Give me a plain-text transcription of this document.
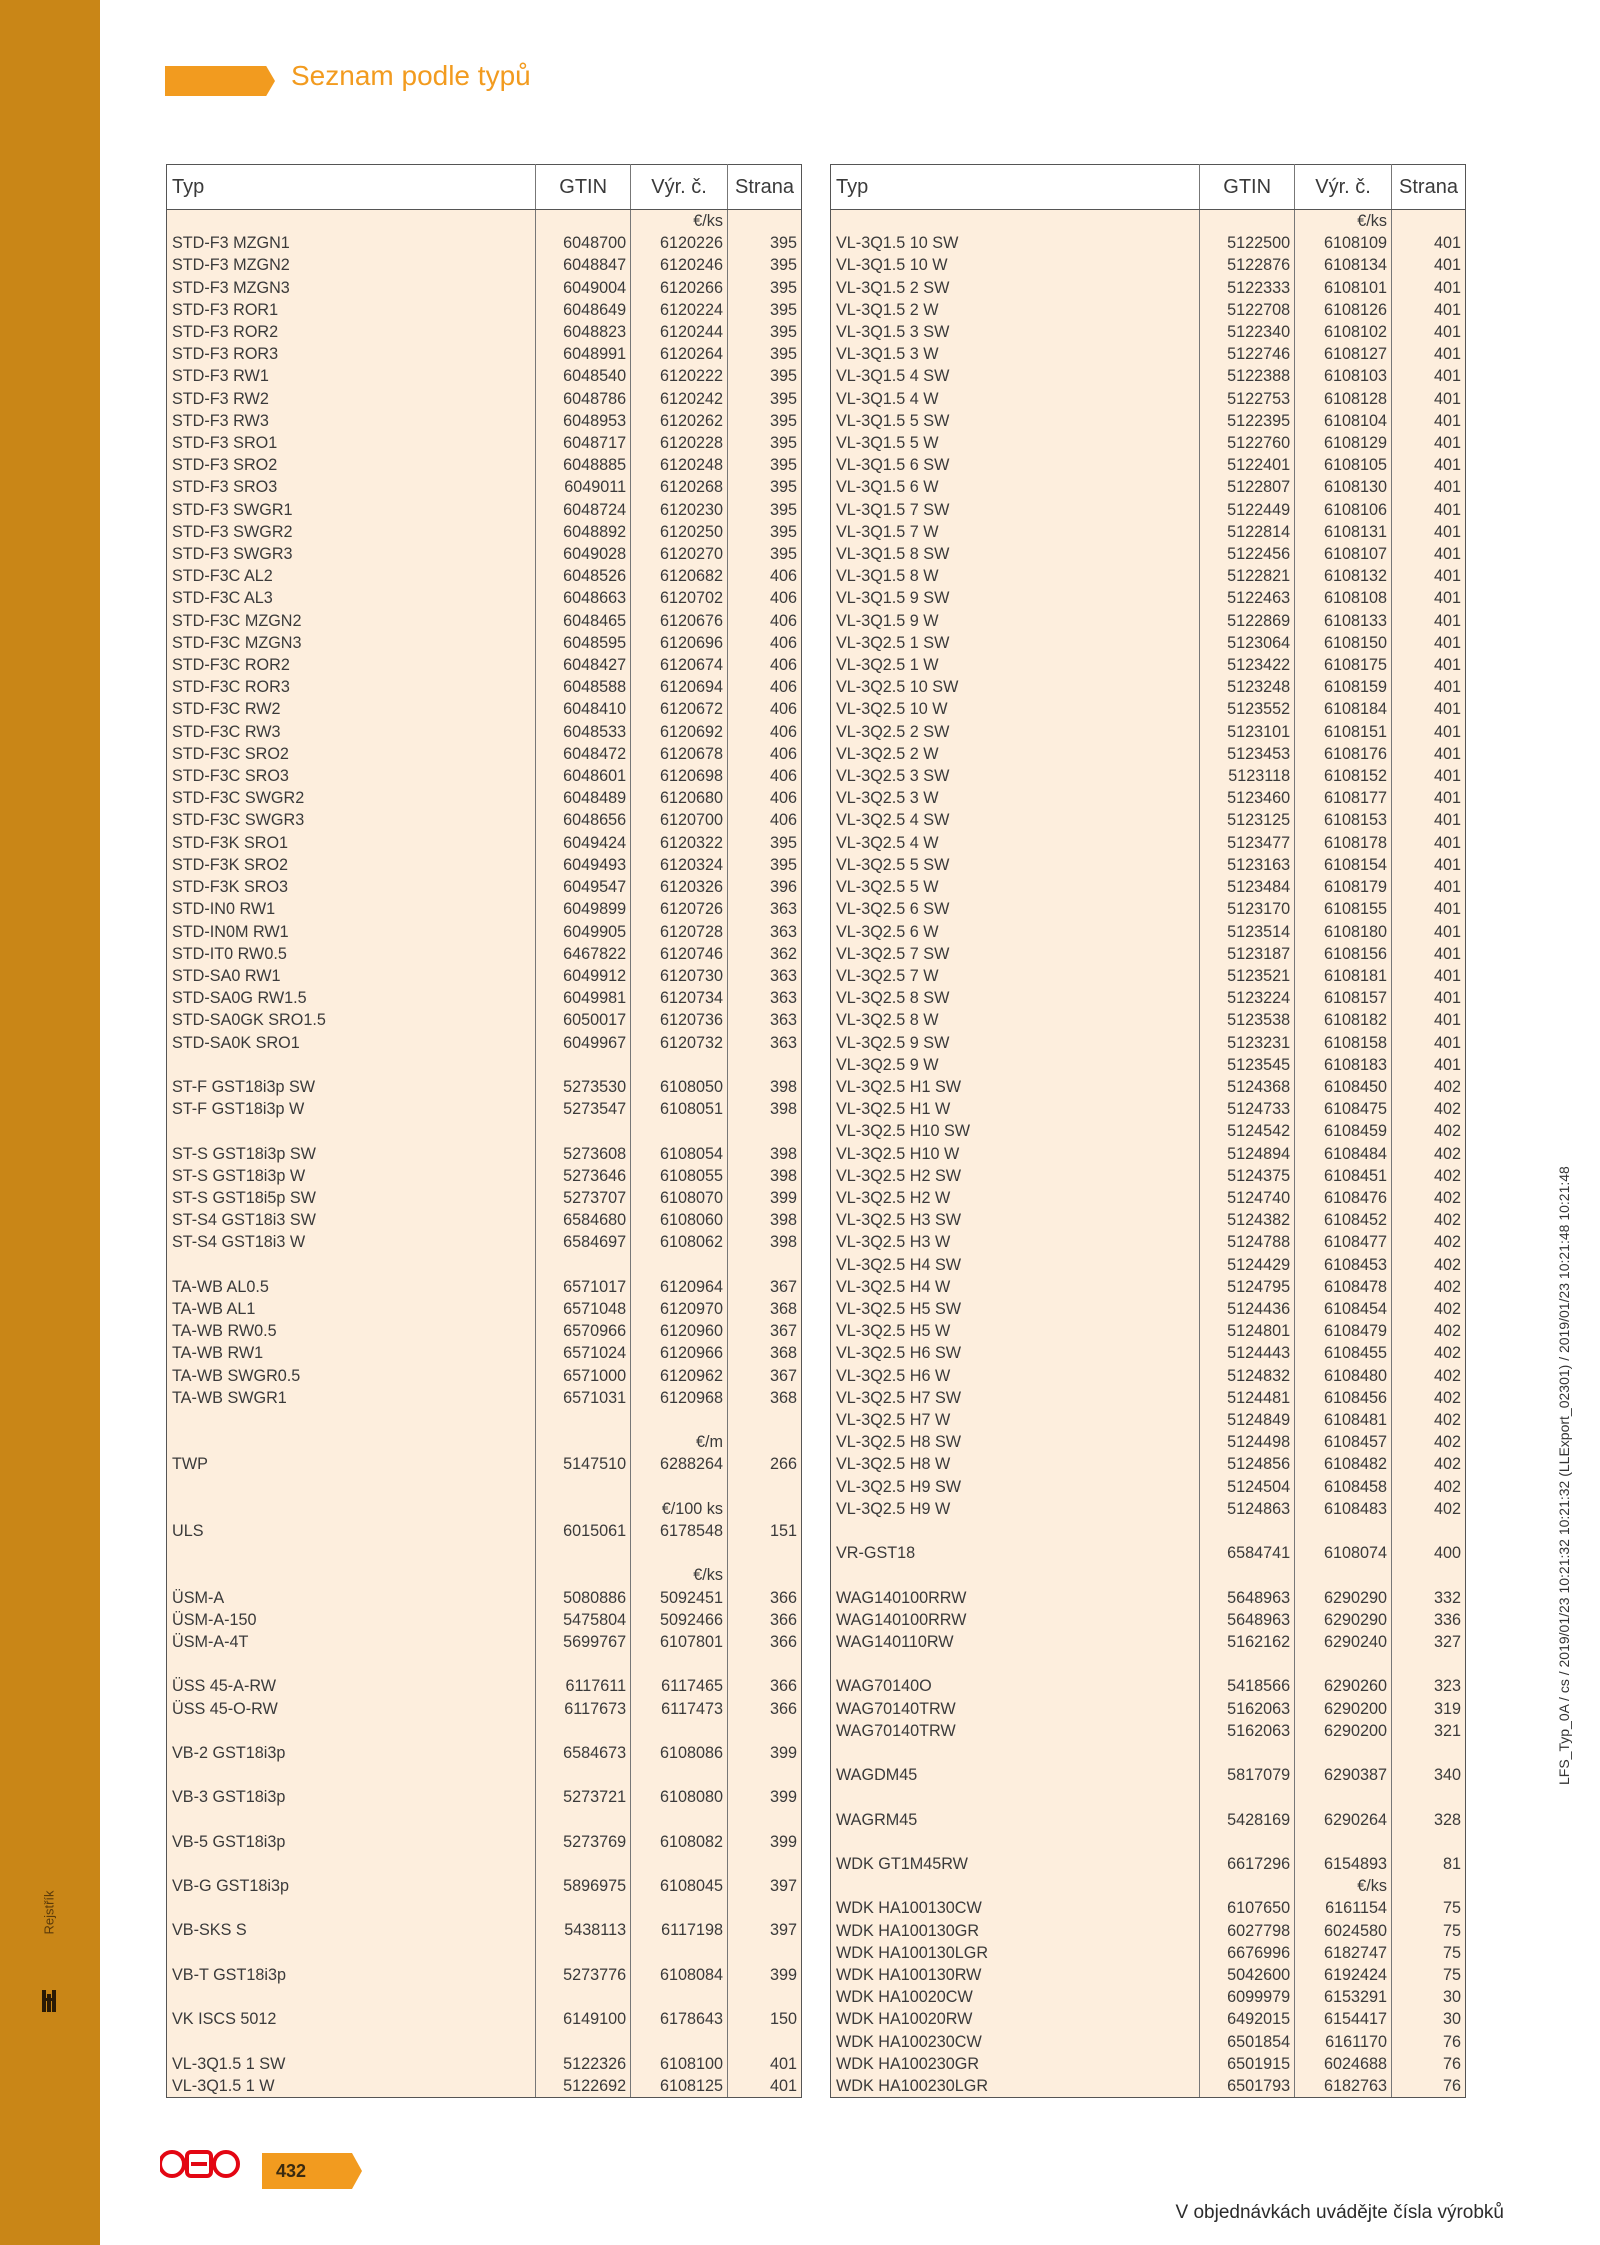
Rejstřík
Seznam podle typů
Typ	GTIN	Výr. č.	Strana
		€/ks	
STD-F3 MZGN1	6048700	6120226	395
STD-F3 MZGN2	6048847	6120246	395
STD-F3 MZGN3	6049004	6120266	395
STD-F3 ROR1	6048649	6120224	395
STD-F3 ROR2	6048823	6120244	395
STD-F3 ROR3	6048991	6120264	395
STD-F3 RW1	6048540	6120222	395
STD-F3 RW2	6048786	6120242	395
STD-F3 RW3	6048953	6120262	395
STD-F3 SRO1	6048717	6120228	395
STD-F3 SRO2	6048885	6120248	395
STD-F3 SRO3	6049011	6120268	395
STD-F3 SWGR1	6048724	6120230	395
STD-F3 SWGR2	6048892	6120250	395
STD-F3 SWGR3	6049028	6120270	395
STD-F3C AL2	6048526	6120682	406
STD-F3C AL3	6048663	6120702	406
STD-F3C MZGN2	6048465	6120676	406
STD-F3C MZGN3	6048595	6120696	406
STD-F3C ROR2	6048427	6120674	406
STD-F3C ROR3	6048588	6120694	406
STD-F3C RW2	6048410	6120672	406
STD-F3C RW3	6048533	6120692	406
STD-F3C SRO2	6048472	6120678	406
STD-F3C SRO3	6048601	6120698	406
STD-F3C SWGR2	6048489	6120680	406
STD-F3C SWGR3	6048656	6120700	406
STD-F3K SRO1	6049424	6120322	395
STD-F3K SRO2	6049493	6120324	395
STD-F3K SRO3	6049547	6120326	396
STD-IN0 RW1	6049899	6120726	363
STD-IN0M RW1	6049905	6120728	363
STD-IT0 RW0.5	6467822	6120746	362
STD-SA0 RW1	6049912	6120730	363
STD-SA0G RW1.5	6049981	6120734	363
STD-SA0GK SRO1.5	6050017	6120736	363
STD-SA0K SRO1	6049967	6120732	363

ST-F GST18i3p SW	5273530	6108050	398
ST-F GST18i3p W	5273547	6108051	398

ST-S GST18i3p SW	5273608	6108054	398
ST-S GST18i3p W	5273646	6108055	398
ST-S GST18i5p SW	5273707	6108070	399
ST-S4 GST18i3 SW	6584680	6108060	398
ST-S4 GST18i3 W	6584697	6108062	398

TA-WB AL0.5	6571017	6120964	367
TA-WB AL1	6571048	6120970	368
TA-WB RW0.5	6570966	6120960	367
TA-WB RW1	6571024	6120966	368
TA-WB SWGR0.5	6571000	6120962	367
TA-WB SWGR1	6571031	6120968	368

		€/m	
TWP	5147510	6288264	266

		€/100 ks	
ULS	6015061	6178548	151

		€/ks	
ÜSM-A	5080886	5092451	366
ÜSM-A-150	5475804	5092466	366
ÜSM-A-4T	5699767	6107801	366

ÜSS 45-A-RW	6117611	6117465	366
ÜSS 45-O-RW	6117673	6117473	366

VB-2 GST18i3p	6584673	6108086	399

VB-3 GST18i3p	5273721	6108080	399

VB-5 GST18i3p	5273769	6108082	399

VB-G GST18i3p	5896975	6108045	397

VB-SKS S	5438113	6117198	397

VB-T GST18i3p	5273776	6108084	399

VK ISCS 5012	6149100	6178643	150

VL-3Q1.5 1 SW	5122326	6108100	401
VL-3Q1.5 1 W	5122692	6108125	401
Typ	GTIN	Výr. č.	Strana
		€/ks	
VL-3Q1.5 10 SW	5122500	6108109	401
VL-3Q1.5 10 W	5122876	6108134	401
VL-3Q1.5 2 SW	5122333	6108101	401
VL-3Q1.5 2 W	5122708	6108126	401
VL-3Q1.5 3 SW	5122340	6108102	401
VL-3Q1.5 3 W	5122746	6108127	401
VL-3Q1.5 4 SW	5122388	6108103	401
VL-3Q1.5 4 W	5122753	6108128	401
VL-3Q1.5 5 SW	5122395	6108104	401
VL-3Q1.5 5 W	5122760	6108129	401
VL-3Q1.5 6 SW	5122401	6108105	401
VL-3Q1.5 6 W	5122807	6108130	401
VL-3Q1.5 7 SW	5122449	6108106	401
VL-3Q1.5 7 W	5122814	6108131	401
VL-3Q1.5 8 SW	5122456	6108107	401
VL-3Q1.5 8 W	5122821	6108132	401
VL-3Q1.5 9 SW	5122463	6108108	401
VL-3Q1.5 9 W	5122869	6108133	401
VL-3Q2.5 1 SW	5123064	6108150	401
VL-3Q2.5 1 W	5123422	6108175	401
VL-3Q2.5 10 SW	5123248	6108159	401
VL-3Q2.5 10 W	5123552	6108184	401
VL-3Q2.5 2 SW	5123101	6108151	401
VL-3Q2.5 2 W	5123453	6108176	401
VL-3Q2.5 3 SW	5123118	6108152	401
VL-3Q2.5 3 W	5123460	6108177	401
VL-3Q2.5 4 SW	5123125	6108153	401
VL-3Q2.5 4 W	5123477	6108178	401
VL-3Q2.5 5 SW	5123163	6108154	401
VL-3Q2.5 5 W	5123484	6108179	401
VL-3Q2.5 6 SW	5123170	6108155	401
VL-3Q2.5 6 W	5123514	6108180	401
VL-3Q2.5 7 SW	5123187	6108156	401
VL-3Q2.5 7 W	5123521	6108181	401
VL-3Q2.5 8 SW	5123224	6108157	401
VL-3Q2.5 8 W	5123538	6108182	401
VL-3Q2.5 9 SW	5123231	6108158	401
VL-3Q2.5 9 W	5123545	6108183	401
VL-3Q2.5 H1 SW	5124368	6108450	402
VL-3Q2.5 H1 W	5124733	6108475	402
VL-3Q2.5 H10 SW	5124542	6108459	402
VL-3Q2.5 H10 W	5124894	6108484	402
VL-3Q2.5 H2 SW	5124375	6108451	402
VL-3Q2.5 H2 W	5124740	6108476	402
VL-3Q2.5 H3 SW	5124382	6108452	402
VL-3Q2.5 H3 W	5124788	6108477	402
VL-3Q2.5 H4 SW	5124429	6108453	402
VL-3Q2.5 H4 W	5124795	6108478	402
VL-3Q2.5 H5 SW	5124436	6108454	402
VL-3Q2.5 H5 W	5124801	6108479	402
VL-3Q2.5 H6 SW	5124443	6108455	402
VL-3Q2.5 H6 W	5124832	6108480	402
VL-3Q2.5 H7 SW	5124481	6108456	402
VL-3Q2.5 H7 W	5124849	6108481	402
VL-3Q2.5 H8 SW	5124498	6108457	402
VL-3Q2.5 H8 W	5124856	6108482	402
VL-3Q2.5 H9 SW	5124504	6108458	402
VL-3Q2.5 H9 W	5124863	6108483	402

VR-GST18	6584741	6108074	400

WAG140100RRW	5648963	6290290	332
WAG140100RRW	5648963	6290290	336
WAG140110RW	5162162	6290240	327

WAG70140O	5418566	6290260	323
WAG70140TRW	5162063	6290200	319
WAG70140TRW	5162063	6290200	321

WAGDM45	5817079	6290387	340

WAGRM45	5428169	6290264	328

WDK GT1M45RW	6617296	6154893	81
		€/ks	
WDK HA100130CW	6107650	6161154	75
WDK HA100130GR	6027798	6024580	75
WDK HA100130LGR	6676996	6182747	75
WDK HA100130RW	5042600	6192424	75
WDK HA10020CW	6099979	6153291	30
WDK HA10020RW	6492015	6154417	30
WDK HA100230CW	6501854	6161170	76
WDK HA100230GR	6501915	6024688	76
WDK HA100230LGR	6501793	6182763	76
432
V objednávkách uvádějte čísla výrobků
LFS_Typ_0A / cs / 2019/01/23 10:21:32 10:21:32 (LLExport_02301) / 2019/01/23 10:21:48 10:21:48
